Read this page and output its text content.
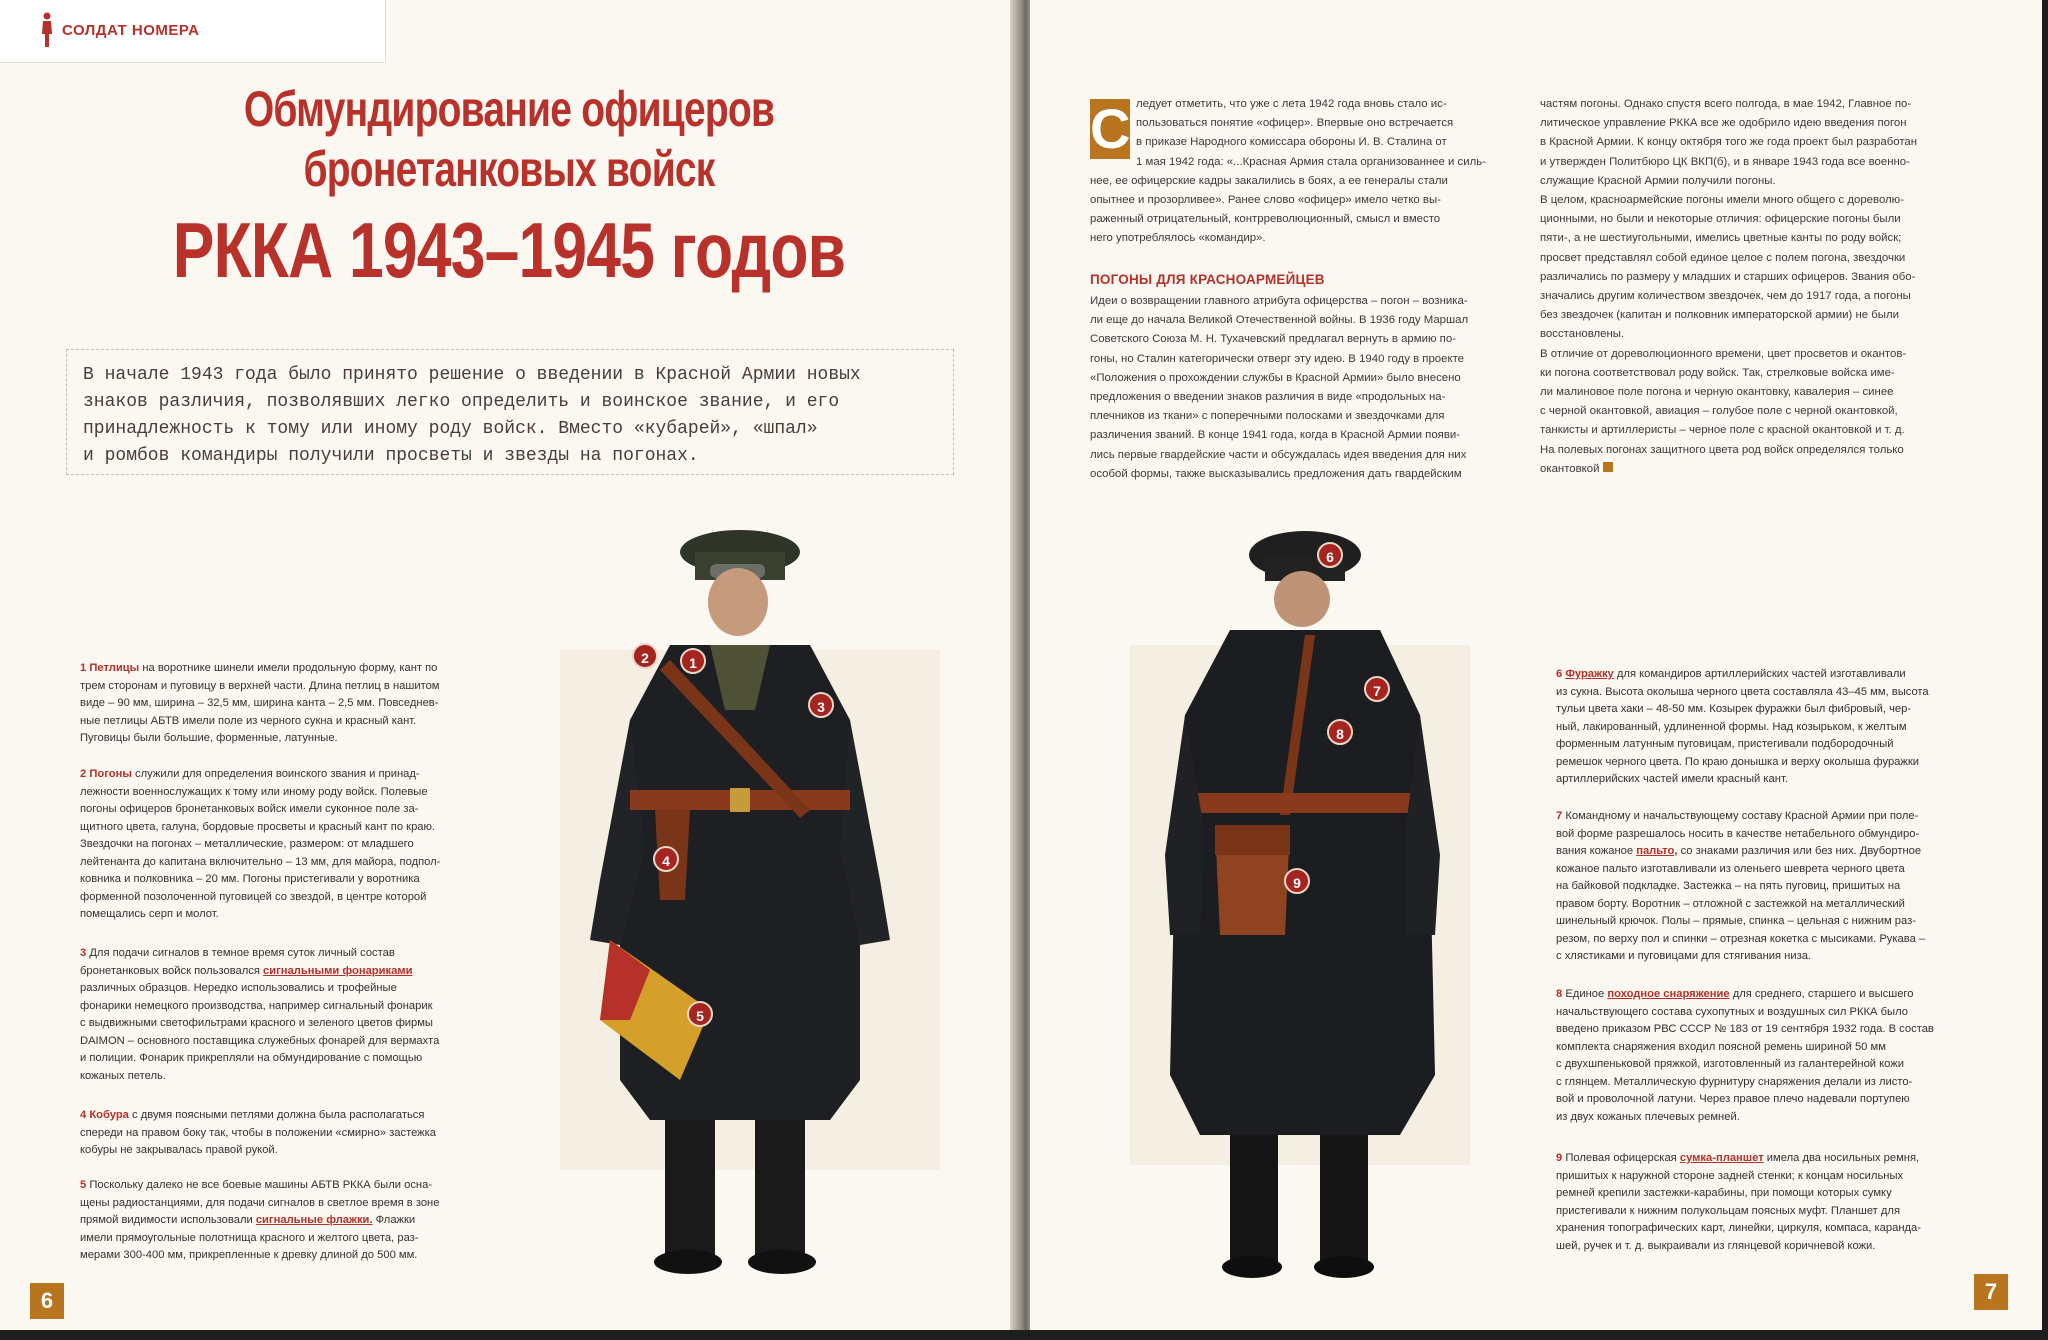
СОЛДАТ НОМЕРА
Обмундирование офицеров
бронетанковых войск
РККА 1943–1945 годов
В начале 1943 года было принято решение о введении в Красной Армии новых
знаков различия, позволявших легко определить и воинское звание, и его
принадлежность к тому или иному роду войск. Вместо «кубарей», «шпал»
и ромбов командиры получили просветы и звезды на погонах.
2	1
3
4
5
1 Петлицы на воротнике шинели имели продольную форму, кант по
трем сторонам и пуговицу в верхней части. Длина петлиц в нашитом
виде – 90 мм, ширина – 32,5 мм, ширина канта – 2,5 мм. Повседнев-
ные петлицы АБТВ имели поле из черного сукна и красный кант.
Пуговицы были большие, форменные, латунные.
2 Погоны служили для определения воинского звания и принад-
лежности военнослужащих к тому или иному роду войск. Полевые
погоны офицеров бронетанковых войск имели суконное поле за-
щитного цвета, галуна, бордовые просветы и красный кант по краю.
Звездочки на погонах – металлические, размером: от младшего
лейтенанта до капитана включительно – 13 мм, для майора, подпол-
ковника и полковника – 20 мм. Погоны пристегивали у воротника
форменной позолоченной пуговицей со звездой, в центре которой
помещались серп и молот.
3 Для подачи сигналов в темное время суток личный состав
бронетанковых войск пользовался сигнальными фонариками
различных образцов. Нередко использовались и трофейные
фонарики немецкого производства, например сигнальный фонарик
с выдвижными светофильтрами красного и зеленого цветов фирмы
DAIMON – основного поставщика служебных фонарей для вермахта
и полиции. Фонарик прикрепляли на обмундирование с помощью
кожаных петель.
4 Кобура с двумя поясными петлями должна была располагаться
спереди на правом боку так, чтобы в положении «смирно» застежка
кобуры не закрывалась правой рукой.
5 Поскольку далеко не все боевые машины АБТВ РККА были осна-
щены радиостанциями, для подачи сигналов в светлое время в зоне
прямой видимости использовали сигнальные флажки. Флажки
имели прямоугольные полотнища красного и желтого цвета, раз-
мерами 300-400 мм, прикрепленные к древку длиной до 500 мм.
6
С ледует отметить, что уже с лета 1942 года вновь стало ис-
пользоваться понятие «офицер». Впервые оно встречается
в приказе Народного комиссара обороны И. В. Сталина от
1 мая 1942 года: «...Красная Армия стала организованнее и силь-
нее, ее офицерские кадры закалились в боях, а ее генералы стали
опытнее и прозорливее». Ранее слово «офицер» имело четко вы-
раженный отрицательный, контрреволюционный, смысл и вместо
него употреблялось «командир».
ПОГОНЫ ДЛЯ КРАСНОАРМЕЙЦЕВ
Идеи о возвращении главного атрибута офицерства – погон – возника-
ли еще до начала Великой Отечественной войны. В 1936 году Маршал
Советского Союза М. Н. Тухачевский предлагал вернуть в армию по-
гоны, но Сталин категорически отверг эту идею. В 1940 году в проекте
«Положения о прохождении службы в Красной Армии» было внесено
предложения о введении знаков различия в виде «продольных на-
плечников из ткани» с поперечными полосками и звездочками для
различения званий. В конце 1941 года, когда в Красной Армии появи-
лись первые гвардейские части и обсуждалась идея введения для них
особой формы, также высказывались предложения дать гвардейским
частям погоны. Однако спустя всего полгода, в мае 1942, Главное по-
литическое управление РККА все же одобрило идею введения погон
в Красной Армии. К концу октября того же года проект был разработан
и утвержден Политбюро ЦК ВКП(б), и в январе 1943 года все военно-
служащие Красной Армии получили погоны.
В целом, красноармейские погоны имели много общего с дореволю-
ционными, но были и некоторые отличия: офицерские погоны были
пяти-, а не шестиугольными, имелись цветные канты по роду войск;
просвет представлял собой единое целое с полем погона, звездочки
различались по размеру у младших и старших офицеров. Звания обо-
значались другим количеством звездочек, чем до 1917 года, а погоны
без звездочек (капитан и полковник императорской армии) не были
восстановлены.
В отличие от дореволюционного времени, цвет просветов и окантов-
ки погона соответствовал роду войск. Так, стрелковые войска име-
ли малиновое поле погона и черную окантовку, кавалерия – синее
с черной окантовкой, авиация – голубое поле с черной окантовкой,
танкисты и артиллеристы – черное поле с красной окантовкой и т. д.
На полевых погонах защитного цвета род войск определялся только
окантовкой
6
7
8
9
6 Фуражку для командиров артиллерийских частей изготавливали
из сукна. Высота околыша черного цвета составляла 43–45 мм, высота
тульи цвета хаки – 48-50 мм. Козырек фуражки был фибровый, чер-
ный, лакированный, удлиненной формы. Над козырьком, к желтым
форменным латунным пуговицам, пристегивали подбородочный
ремешок черного цвета. По краю донышка и верху околыша фуражки
артиллерийских частей имели красный кант.
7 Командному и начальствующему составу Красной Армии при поле-
вой форме разрешалось носить в качестве нетабельного обмундиро-
вания кожаное пальто, со знаками различия или без них. Двубортное
кожаное пальто изготавливали из оленьего шеврета черного цвета
на байковой подкладке. Застежка – на пять пуговиц, пришитых на
правом борту. Воротник – отложной с застежкой на металлический
шинельный крючок. Полы – прямые, спинка – цельная с нижним раз-
резом, по верху пол и спинки – отрезная кокетка с мысиками. Рукава –
с хлястиками и пуговицами для стягивания низа.
8 Единое походное снаряжение для среднего, старшего и высшего
начальствующего состава сухопутных и воздушных сил РККА было
введено приказом РВС СССР № 183 от 19 сентября 1932 года. В состав
комплекта снаряжения входил поясной ремень шириной 50 мм
с двухшпеньковой пряжкой, изготовленный из галантерейной кожи
с глянцем. Металлическую фурнитуру снаряжения делали из листо-
вой и проволочной латуни. Через правое плечо надевали портупею
из двух кожаных плечевых ремней.
9 Полевая офицерская сумка-планшет имела два носильных ремня,
пришитых к наружной стороне задней стенки; к концам носильных
ремней крепили застежки-карабины, при помощи которых сумку
пристегивали к нижним полукольцам поясных муфт. Планшет для
хранения топографических карт, линейки, циркуля, компаса, каранда-
шей, ручек и т. д. выкраивали из глянцевой коричневой кожи.
7
